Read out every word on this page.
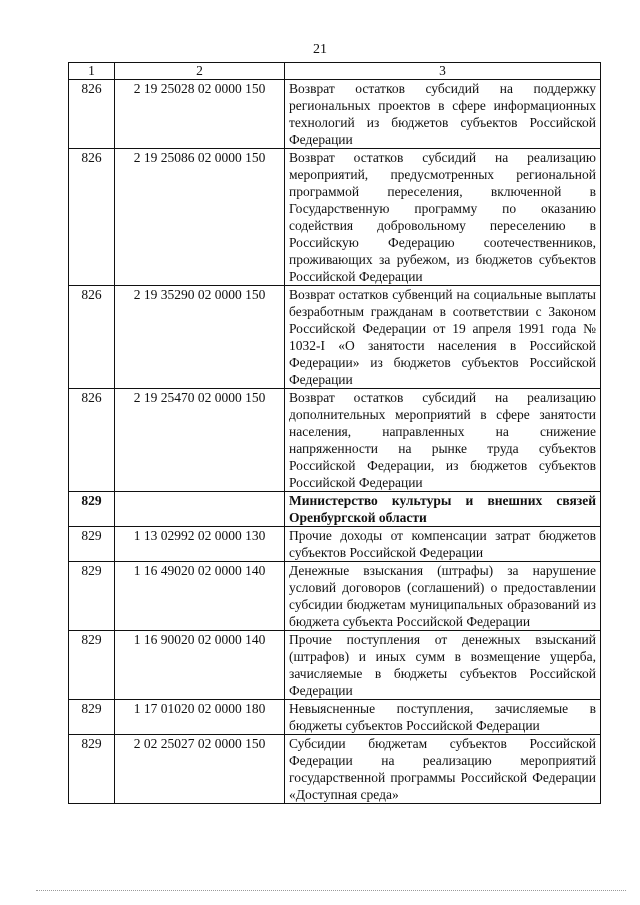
21
1	2	3
826	2 19 25028 02 0000 150	Возврат остатков субсидий на поддержку региональных проектов в сфере информационных технологий из бюджетов субъектов Российской Федерации
826	2 19 25086 02 0000 150	Возврат остатков субсидий на реализацию мероприятий, предусмотренных региональной программой переселения, включенной в Государственную программу по оказанию содействия добровольному переселению в Российскую Федерацию соотечественников, проживающих за рубежом, из бюджетов субъектов Российской Федерации
826	2 19 35290 02 0000 150	Возврат остатков субвенций на социальные выплаты безработным гражданам в соответствии с Законом Российской Федерации от 19 апреля 1991 года № 1032-I «О занятости населения в Российской Федерации» из бюджетов субъектов Российской Федерации
826	2 19 25470 02 0000 150	Возврат остатков субсидий на реализацию дополнительных мероприятий в сфере занятости населения, направленных на снижение напряженности на рынке труда субъектов Российской Федерации, из бюджетов субъектов Российской Федерации
829		Министерство культуры и внешних связей Оренбургской области
829	1 13 02992 02 0000 130	Прочие доходы от компенсации затрат бюджетов субъектов Российской Федерации
829	1 16 49020 02 0000 140	Денежные взыскания (штрафы) за нарушение условий договоров (соглашений) о предоставлении субсидии бюджетам муниципальных образований из бюджета субъекта Российской Федерации
829	1 16 90020 02 0000 140	Прочие поступления от денежных взысканий (штрафов) и иных сумм в возмещение ущерба, зачисляемые в бюджеты субъектов Российской Федерации
829	1 17 01020 02 0000 180	Невыясненные поступления, зачисляемые в бюджеты субъектов Российской Федерации
829	2 02 25027 02 0000 150	Субсидии бюджетам субъектов Российской Федерации на реализацию мероприятий государственной программы Российской Федерации «Доступная среда»
